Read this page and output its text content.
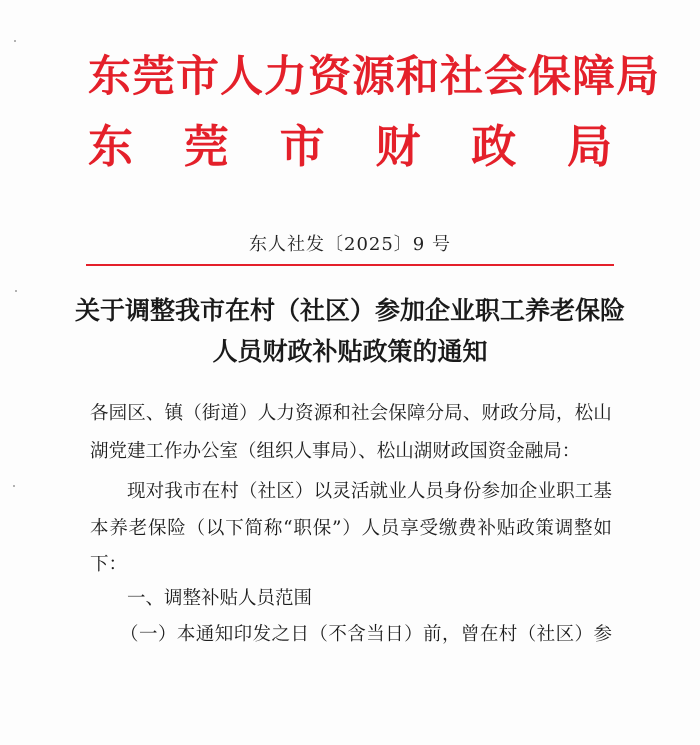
东莞市人力资源和社会保障局
东 莞 市 财 政 局
东人社发〔2025〕9 号
关于调整我市在村（社区）参加企业职工养老保险
人员财政补贴政策的通知
各 园 区 、 镇 （ 街 道 ） 人 力 资 源 和 社 会 保 障 分 局 、 财 政 分 局 ， 松 山
湖党建工作办公室（组织人事局）、松山湖财政国资金融局：
现 对 我 市 在 村 （ 社 区 ） 以 灵 活 就 业 人 员 身 份 参 加 企 业 职 工 基
本 养 老 保 险 （ 以 下 简 称 “ 职 保 ” ） 人 员 享 受 缴 费 补 贴 政 策 调 整 如
下：
一、调整补贴人员范围
（ 一 ） 本 通 知 印 发 之 日 （ 不 含 当 日 ） 前 ， 曾 在 村 （ 社 区 ） 参
